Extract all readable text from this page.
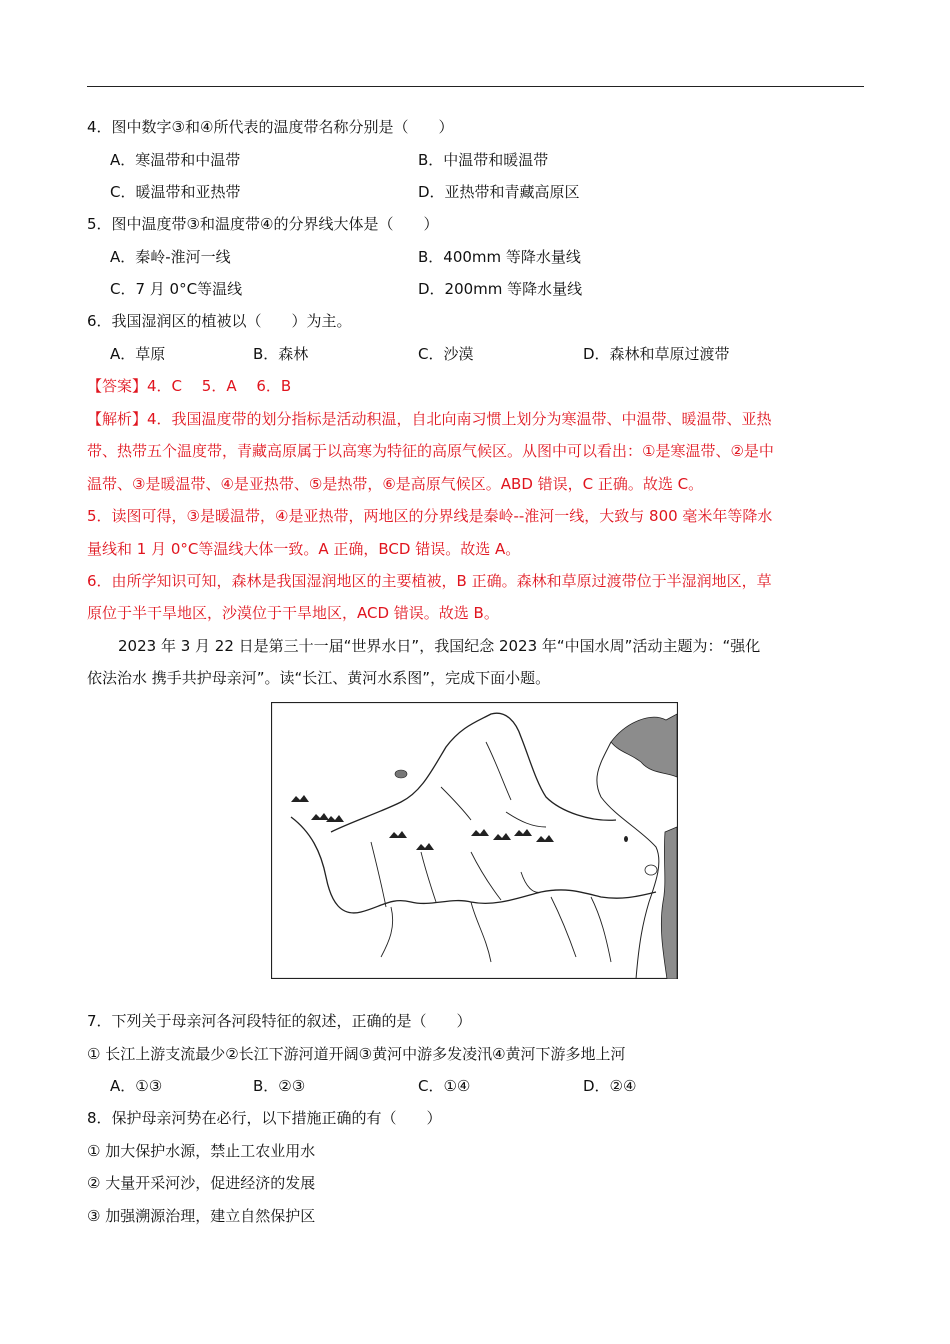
4．图中数字③和④所代表的温度带名称分别是（　　）
A．寒温带和中温带	B．中温带和暖温带
C．暖温带和亚热带	D．亚热带和青藏高原区
5．图中温度带③和温度带④的分界线大体是（　　）
A．秦岭-淮河一线	B．400mm 等降水量线
C．7 月 0°C等温线	D．200mm 等降水量线
6．我国湿润区的植被以（　　）为主。
A．草原	B．森林	C．沙漠	D．森林和草原过渡带
【答案】4．C　 5．A　 6．B
【解析】4．我国温度带的划分指标是活动积温，自北向南习惯上划分为寒温带、中温带、暖温带、亚热
带、热带五个温度带，青藏高原属于以高寒为特征的高原气候区。从图中可以看出：①是寒温带、②是中
温带、③是暖温带、④是亚热带、⑤是热带，⑥是高原气候区。ABD 错误，C 正确。故选 C。
5．读图可得，③是暖温带，④是亚热带，两地区的分界线是秦岭--淮河一线，大致与 800 毫米年等降水
量线和 1 月 0°C等温线大体一致。A 正确，BCD 错误。故选 A。
6．由所学知识可知，森林是我国湿润地区的主要植被，B 正确。森林和草原过渡带位于半湿润地区，草
原位于半干旱地区，沙漠位于干旱地区，ACD 错误。故选 B。
2023 年 3 月 22 日是第三十一届“世界水日”，我国纪念 2023 年“中国水周”活动主题为：“强化
依法治水 携手共护母亲河”。读“长江、黄河水系图”，完成下面小题。
7．下列关于母亲河各河段特征的叙述，正确的是（　　）
① 长江上游支流最少②长江下游河道开阔③黄河中游多发凌汛④黄河下游多地上河
A．①③	B．②③	C．①④	D．②④
8．保护母亲河势在必行，以下措施正确的有（　　）
① 加大保护水源，禁止工农业用水
② 大量开采河沙，促进经济的发展
③ 加强溯源治理，建立自然保护区
